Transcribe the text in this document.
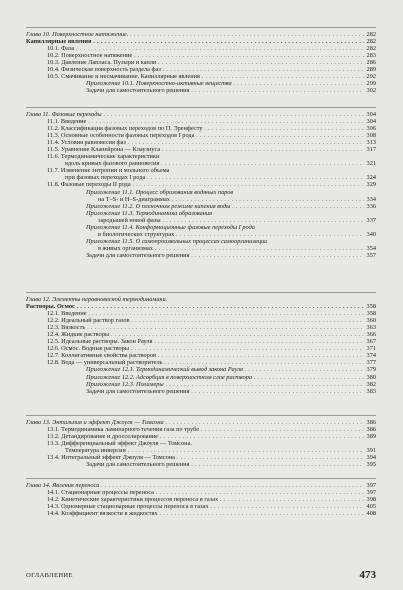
Глава 10. Поверхностное натяжение. . . .	282
Капиллярные явления . . .	282
10.1. Фаза . . .	282
10.2. Поверхностное натяжение . . .	283
10.3. Давление Лапласа. Пузыри и капли . . .	286
10.4. Физическая поверхность раздела фаз . . .	289
10.5. Смачивание и несмачивание. Капиллярные явления . . .	292
Приложение 10.1. Поверхностно-активные вещества . . .	299
Задачи для самостоятельного решения . . .	302
Глава 11. Фазовые переходы . . .	304
11.1. Введение . . .	304
11.2. Классификация фазовых переходов по П. Эренфесту . . .	306
11.3. Основные особенности фазовых переходов I рода . . .	308
11.4. Условия равновесия фаз . . .	313
11.5. Уравнение Клапейрона — Клаузиуса . . .	317
11.6. Термодинамические характеристики
вдоль кривых фазового равновесия . . .	321
11.7. Изменение энтропии и мольного объема
при фазовых переходах I рода . . .	324
11.8. Фазовые переходы II рода . . .	329
Приложение 11.1. Процесс образования водяных паров
на T–S- и H–S-диаграммах . . .	334
Приложение 11.2. О пленочном режиме кипения воды . . .	336
Приложение 11.3. Термодинамика образования
зародышей новой фазы . . .	337
Приложение 11.4. Конформационные фазовые переходы I рода
в биологических структурах . . .	340
Приложение 11.5. О самопроизвольных процессах самоорганизации
в живых организмах . . .	354
Задачи для самостоятельного решения . . .	357
Глава 12. Элементы неравновесной термодинамики.
Растворы. Осмос . . .	358
12.1. Введение . . .	358
12.2. Идеальный раствор газов . . .	360
12.3. Вязкость . . .	363
12.4. Жидкие растворы . . .	366
12.5. Идеальные растворы. Закон Рауля . . .	367
12.6. Осмос. Водные растворы . . .	371
12.7. Коллигативные свойства растворов . . .	374
12.8. Вода — универсальный растворитель . . .	377
Приложение 12.1. Термодинамический вывод закона Рауля . . .	379
Приложение 12.2. Адсорбция в поверхностном слое раствора . . .	380
Приложение 12.3. Полимеры . . .	382
Задачи для самостоятельного решения . . .	383
Глава 13. Энтальпия и эффект Джоуля — Томсона . . .	386
13.1. Термодинамика ламинарного течения газа по трубе . . .	386
13.2. Детандирование и дросселирование . . .	389
13.3. Дифференциальный эффект Джоуля — Томсона.
Температура инверсии . . .	391
13.4. Интегральный эффект Джоуля — Томсона . . .	394
Задачи для самостоятельного решения . . .	395
Глава 14. Явления переноса . . .	397
14.1. Стационарные процессы переноса . . .	397
14.2. Кинетические характеристики процессов переноса в газах . . .	398
14.3. Одномерные стационарные процессы переноса в газах . . .	405
14.4. Коэффициент вязкости в жидкостях . . .	408
ОГЛАВЛЕНИЕ	473
